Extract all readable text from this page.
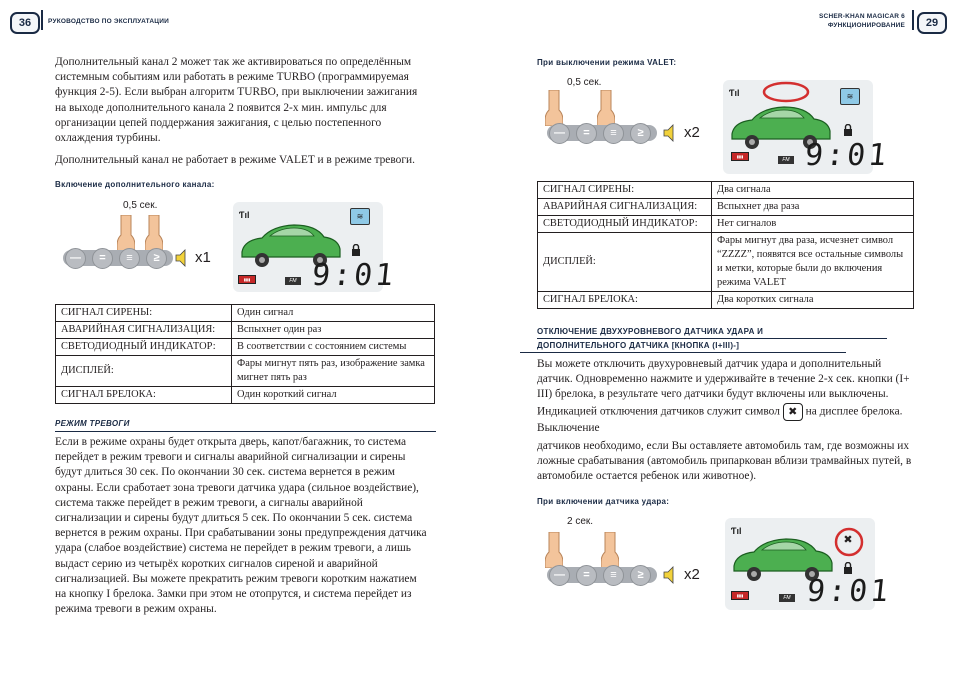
36	РУКОВОДСТВО ПО ЭКСПЛУАТАЦИИ

Дополнительный канал 2 может так же активироваться по определённым системным событиям или работать в режиме TURBO (программируемая функция 2-5). Если выбран алгоритм TURBO, при выключении зажигания на выходе дополнительного канала 2 появится 2-х мин. импульс для организации цепей поддержания зажигания, с целью постепенного охлаждения турбины.

Дополнительный канал не работает в режиме VALET и в режиме тревоги.

Включение дополнительного канала:
0,5 сек.
—	=	≡	≥	x1
Ƭıl	≋
▮▮▮	FM 9:01
СИГНАЛ СИРЕНЫ:	Один сигнал
АВАРИЙНАЯ СИГНАЛИЗАЦИЯ:	Вспыхнет один раз
СВЕТОДИОДНЫЙ ИНДИКАТОР:	В соответствии с состоянием системы
ДИСПЛЕЙ:	Фары мигнут пять раз, изображение замка мигнет пять раз
СИГНАЛ БРЕЛОКА:	Один короткий сигнал
РЕЖИМ ТРЕВОГИ
Если в режиме охраны будет открыта дверь, капот/багажник, то система перейдет в режим тревоги и сигналы аварийной сигнализации и сирены будут длиться 30 сек. По окончании 30 сек. система вернется в режим охраны. Если сработает зона тревоги датчика удара (сильное воздействие), система также перейдет в режим тревоги, а сигналы аварийной сигнализации и сирены будут длиться 5 сек. По окончании 5 сек. система вернется в режим охраны. При срабатывании зоны предупреждения датчика удара (слабое воздействие) система не перейдет в режим тревоги, а лишь выдаст серию из четырёх коротких сигналов сиреной и аварийной сигнализацией. Вы можете прекратить режим тревоги коротким нажатием на кнопку I брелока. Замки при этом не отопрутся, и система перейдет из режима тревоги в режим охраны.
SCHER-KHAN MAGICAR 6
ФУНКЦИОНИРОВАНИЕ	29
При выключении режима VALET:
0,5 сек.
—	=	≡	≥	x2
Ƭıl	≋
▮▮▮
FM 9:01
СИГНАЛ СИРЕНЫ:	Два сигнала
АВАРИЙНАЯ СИГНАЛИЗАЦИЯ:	Вспыхнет два раза
СВЕТОДИОДНЫЙ ИНДИКАТОР:	Нет сигналов
ДИСПЛЕЙ:	Фары мигнут два раза, исчезнет символ “ZZZZ”, появятся все остальные символы и метки, которые были до включения режима VALET
СИГНАЛ БРЕЛОКА:	Два коротких сигнала
ОТКЛЮЧЕНИЕ ДВУХУРОВНЕВОГО ДАТЧИКА УДАРА И
ДОПОЛНИТЕЛЬНОГО ДАТЧИКА [КНОПКА (I+III)-]
Вы можете отключить двухуровневый датчик удара и дополнительный датчик. Одновременно нажмите и удерживайте в течение 2-х сек. кнопки (I+ III) брелока, в результате чего датчики будут включены или выключены. Индикацией отключения датчиков служит символ ✖ на дисплее брелока. Выключение
датчиков необходимо, если Вы оставляете автомобиль там, где возможны их ложные срабатывания (автомобиль припаркован вблизи трамвайных путей, в автомобиле остается ребенок или животное).
При включении датчика удара:
2 сек.
—	=	≡	≥	x2
Ƭıl
✖
▮▮▮	FM 9:01
